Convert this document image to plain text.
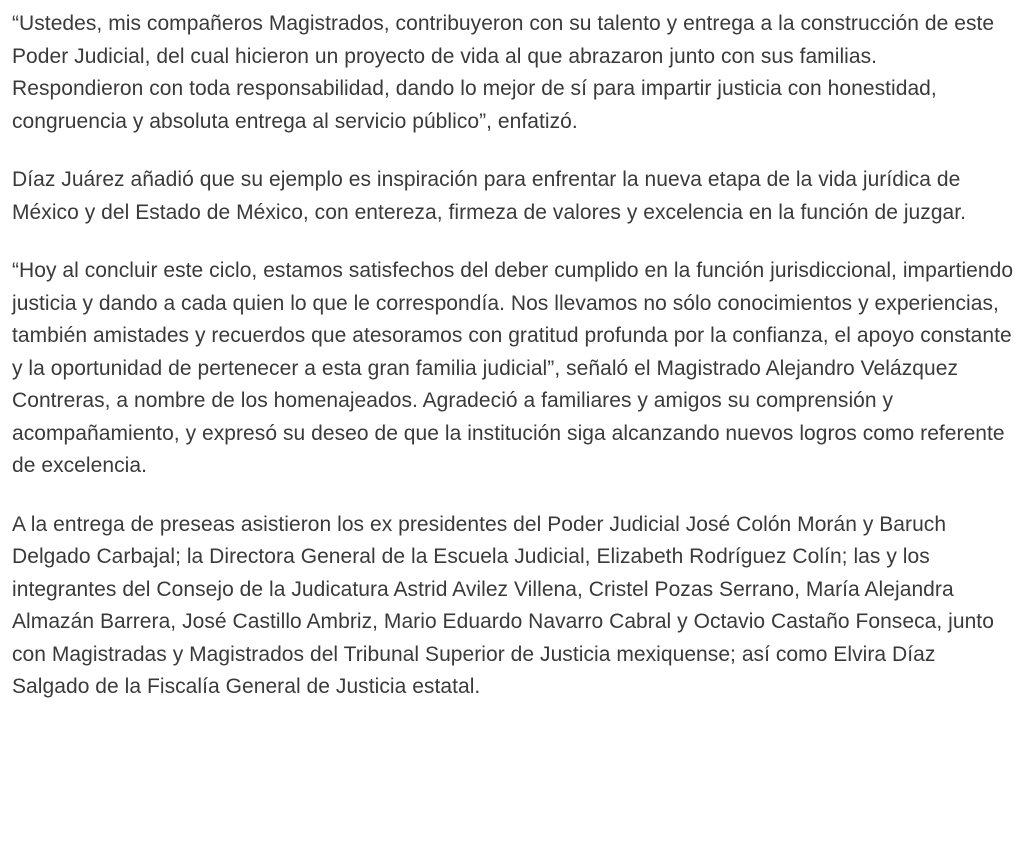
“Ustedes, mis compañeros Magistrados, contribuyeron con su talento y entrega a la construcción de este Poder Judicial, del cual hicieron un proyecto de vida al que abrazaron junto con sus familias. Respondieron con toda responsabilidad, dando lo mejor de sí para impartir justicia con honestidad, congruencia y absoluta entrega al servicio público”, enfatizó.

Díaz Juárez añadió que su ejemplo es inspiración para enfrentar la nueva etapa de la vida jurídica de México y del Estado de México, con entereza, firmeza de valores y excelencia en la función de juzgar.

“Hoy al concluir este ciclo, estamos satisfechos del deber cumplido en la función jurisdiccional, impartiendo justicia y dando a cada quien lo que le correspondía. Nos llevamos no sólo conocimientos y experiencias, también amistades y recuerdos que atesoramos con gratitud profunda por la confianza, el apoyo constante y la oportunidad de pertenecer a esta gran familia judicial”, señaló el Magistrado Alejandro Velázquez Contreras, a nombre de los homenajeados. Agradeció a familiares y amigos su comprensión y acompañamiento, y expresó su deseo de que la institución siga alcanzando nuevos logros como referente de excelencia.

A la entrega de preseas asistieron los ex presidentes del Poder Judicial José Colón Morán y Baruch Delgado Carbajal; la Directora General de la Escuela Judicial, Elizabeth Rodríguez Colín; las y los integrantes del Consejo de la Judicatura Astrid Avilez Villena, Cristel Pozas Serrano, María Alejandra Almazán Barrera, José Castillo Ambriz, Mario Eduardo Navarro Cabral y Octavio Castaño Fonseca, junto con Magistradas y Magistrados del Tribunal Superior de Justicia mexiquense; así como Elvira Díaz Salgado de la Fiscalía General de Justicia estatal.
